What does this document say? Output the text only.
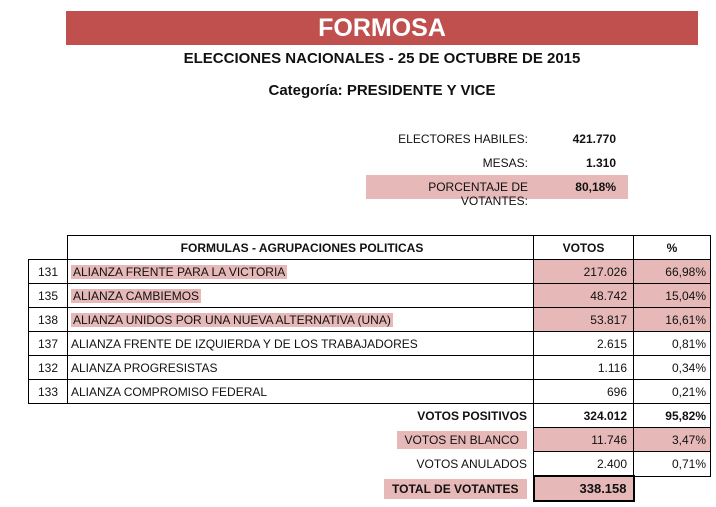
FORMOSA
ELECCIONES NACIONALES - 25 DE OCTUBRE DE 2015
Categoría: PRESIDENTE Y VICE
ELECTORES HABILES:	421.770
MESAS:	1.310
PORCENTAJE DE VOTANTES:
80,18%
	FORMULAS - AGRUPACIONES POLITICAS	VOTOS	%
131	ALIANZA FRENTE PARA LA VICTORIA	217.026	66,98%
135	ALIANZA CAMBIEMOS	48.742	15,04%
138	ALIANZA UNIDOS POR UNA NUEVA ALTERNATIVA (UNA)	53.817	16,61%
137	ALIANZA FRENTE DE IZQUIERDA Y DE LOS TRABAJADORES	2.615	0,81%
132	ALIANZA PROGRESISTAS	1.116	0,34%
133	ALIANZA COMPROMISO FEDERAL	696	0,21%
	VOTOS POSITIVOS	324.012	95,82%
	VOTOS EN BLANCO	11.746	3,47%
	VOTOS ANULADOS	2.400	0,71%
	TOTAL DE VOTANTES	338.158	
